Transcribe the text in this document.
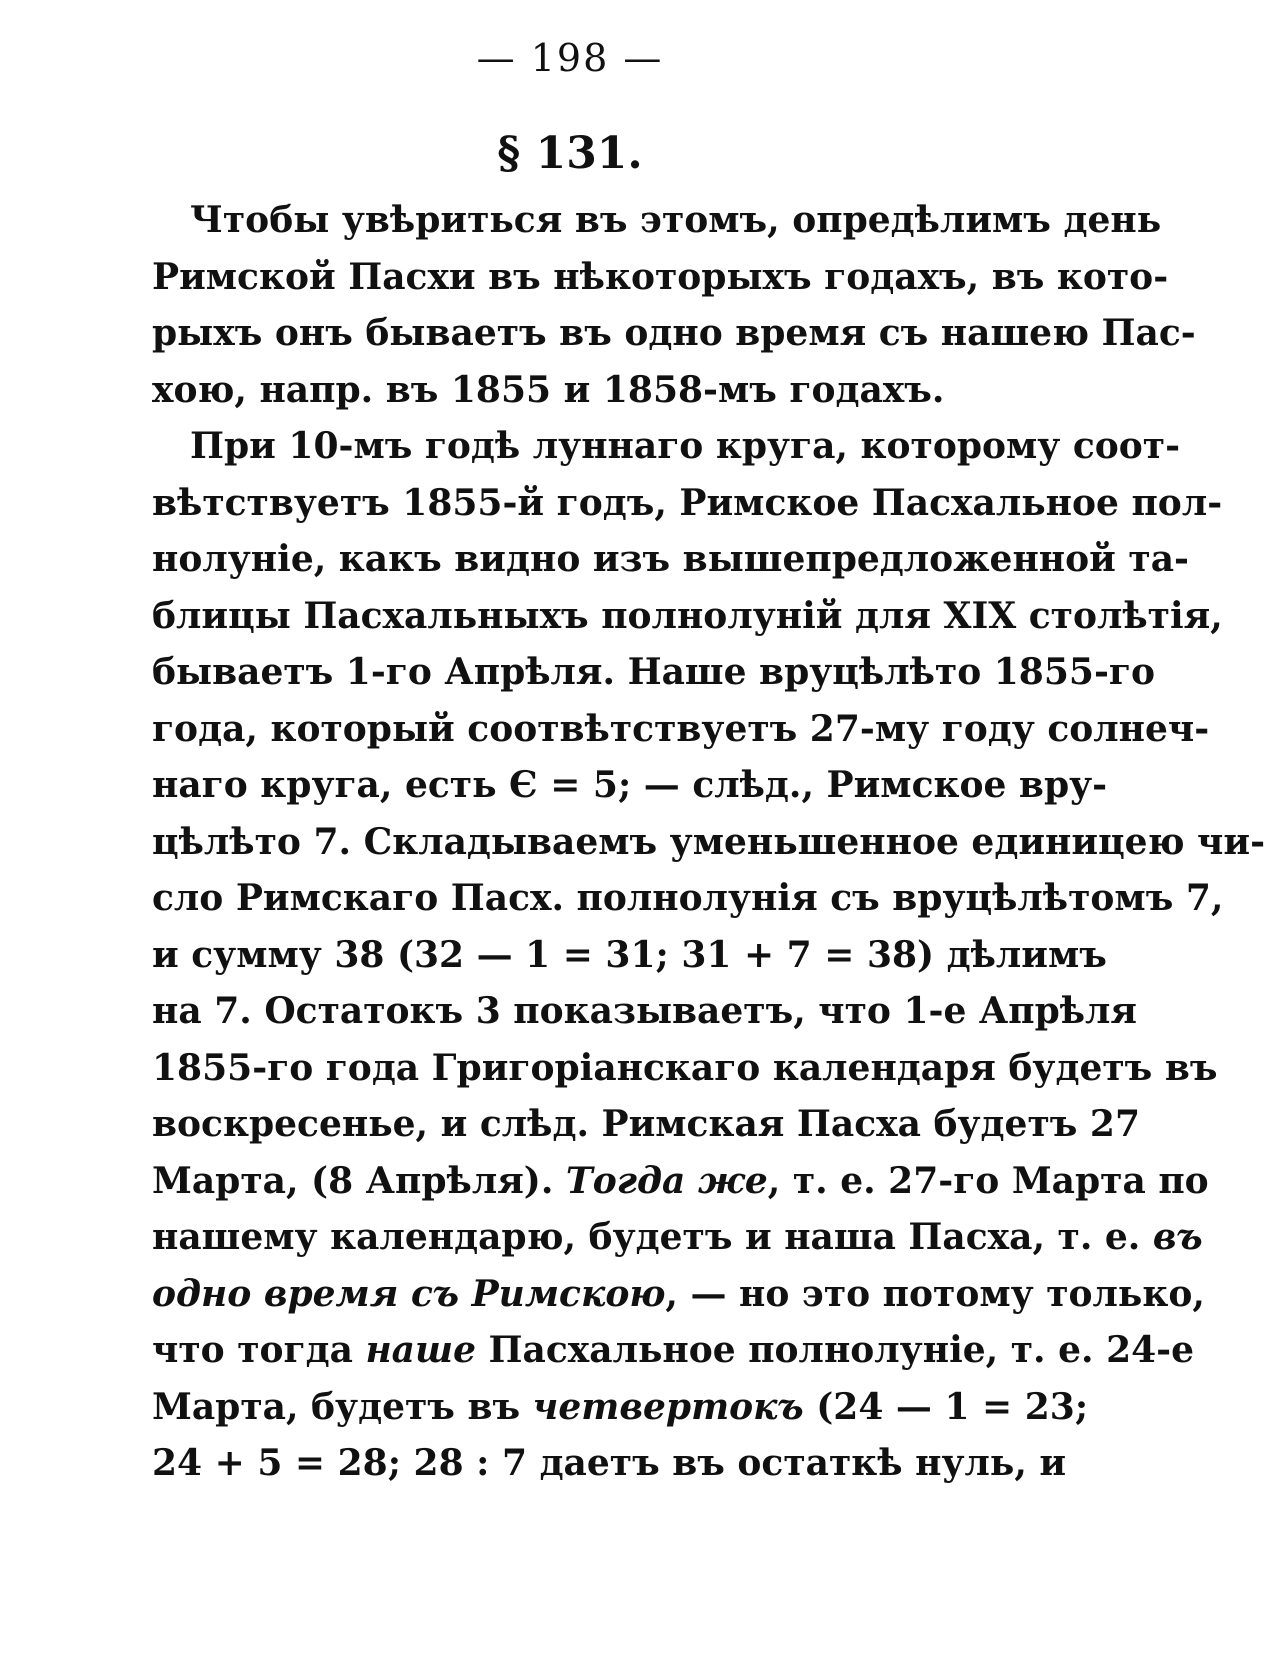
— 198 —
§ 131.
Чтобы увѣриться въ этомъ, опредѣлимъ день
Римской Пасхи въ нѣкоторыхъ годахъ, въ кото-
рыхъ онъ бываетъ въ одно время съ нашею Пас-
хою, напр. въ 1855 и 1858-мъ годахъ.
При 10-мъ годѣ луннаго круга, которому соот-
вѣтствуетъ 1855-й годъ, Римское Пасхальное пол-
нолуніе, какъ видно изъ вышепредложенной та-
блицы Пасхальныхъ полнолуній для XIX столѣтія,
бываетъ 1-го Апрѣля. Наше вруцѣлѣто 1855-го
года, который соотвѣтствуетъ 27-му году солнеч-
наго круга, есть Є = 5; — слѣд., Римское вру-
цѣлѣто 7. Складываемъ уменьшенное единицею чи-
сло Римскаго Пасх. полнолунія съ вруцѣлѣтомъ 7,
и сумму 38 (32 — 1 = 31; 31 + 7 = 38) дѣлимъ
на 7. Остатокъ 3 показываетъ, что 1-е Апрѣля
1855-го года Григоріанскаго календаря будетъ въ
воскресенье, и слѣд. Римская Пасха будетъ 27
Марта, (8 Апрѣля). Тогда же, т. е. 27-го Марта по
нашему календарю, будетъ и наша Пасха, т. е. въ
одно время съ Римскою, — но это потому только,
что тогда наше Пасхальное полнолуніе, т. е. 24-е
Марта, будетъ въ четвертокъ (24 — 1 = 23;
24 + 5 = 28; 28 : 7 даетъ въ остаткѣ нуль, и
